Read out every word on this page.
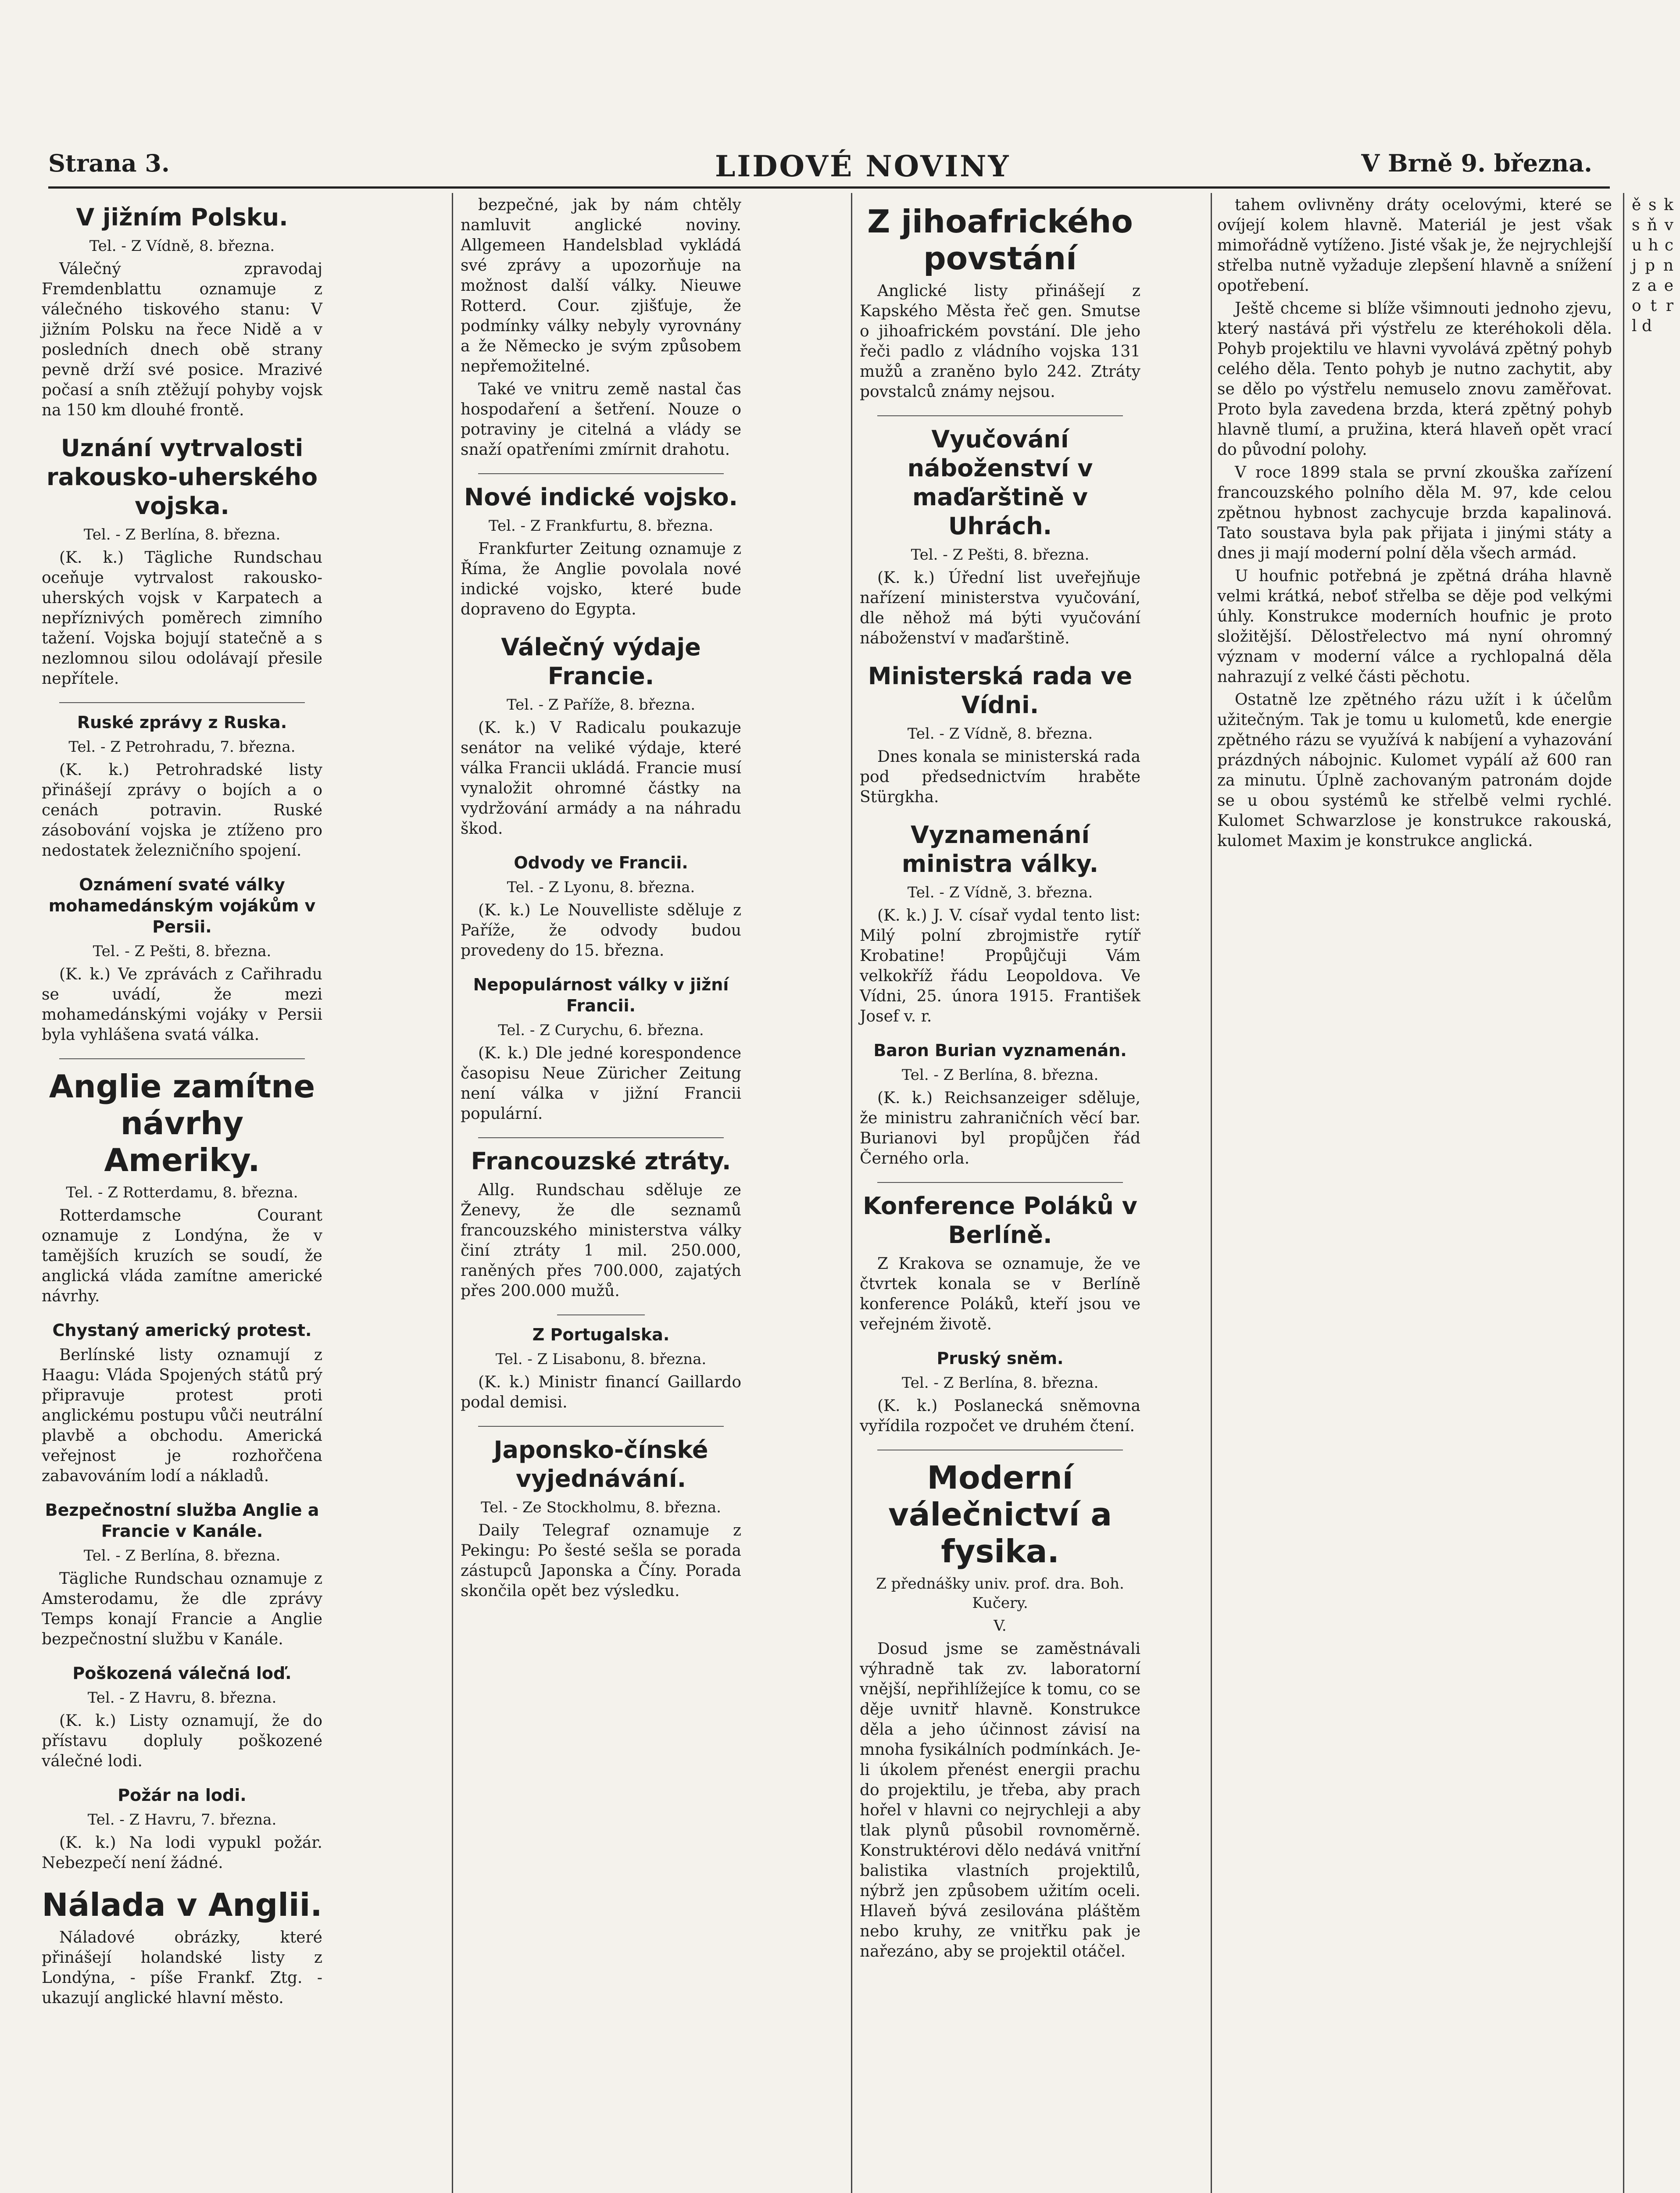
Strana 3.	LIDOVÉ NOVINY	V Brně 9. března.
V jižním Polsku.
Tel. - Z Vídně, 8. března.

Válečný zpravodaj Fremdenblattu oznamuje z válečného tiskového stanu: V jižním Polsku na řece Nidě a v posledních dnech obě strany pevně drží své posice. Mrazivé počasí a sníh ztěžují pohyby vojsk na 150 km dlouhé frontě.

Uznání vytrvalosti rakousko-uherského vojska.
Tel. - Z Berlína, 8. března.

(K. k.) Tägliche Rundschau oceňuje vytrvalost rakousko-uherských vojsk v Karpatech a nepříznivých poměrech zimního tažení. Vojska bojují statečně a s nezlomnou silou odolávají přesile nepřítele.

Ruské zprávy z Ruska.
Tel. - Z Petrohradu, 7. března.

(K. k.) Petrohradské listy přinášejí zprávy o bojích a o cenách potravin. Ruské zásobování vojska je ztíženo pro nedostatek železničního spojení.

Oznámení svaté války mohamedánským vojákům v Persii.
Tel. - Z Pešti, 8. března.

(K. k.) Ve zprávách z Cařihradu se uvádí, že mezi mohamedánskými vojáky v Persii byla vyhlášena svatá válka.

Anglie zamítne návrhy Ameriky.
Tel. - Z Rotterdamu, 8. března.

Rotterdamsche Courant oznamuje z Londýna, že v tamějších kruzích se soudí, že anglická vláda zamítne americké návrhy.

Chystaný americký protest.

Berlínské listy oznamují z Haagu: Vláda Spojených států prý připravuje protest proti anglickému postupu vůči neutrální plavbě a obchodu. Americká veřejnost je rozhořčena zabavováním lodí a nákladů.

Bezpečnostní služba Anglie a Francie v Kanále.
Tel. - Z Berlína, 8. března.

Tägliche Rundschau oznamuje z Amsterodamu, že dle zprávy Temps konají Francie a Anglie bezpečnostní službu v Kanále.

Poškozená válečná loď.
Tel. - Z Havru, 8. března.

(K. k.) Listy oznamují, že do přístavu dopluly poškozené válečné lodi.

Požár na lodi.
Tel. - Z Havru, 7. března.

(K. k.) Na lodi vypukl požár. Nebezpečí není žádné.

Nálada v Anglii.

Náladové obrázky, které přinášejí holandské listy z Londýna, - píše Frankf. Ztg. - ukazují anglické hlavní město.

bezpečné, jak by nám chtěly namluvit anglické noviny. Allgemeen Handelsblad vykládá své zprávy a upozorňuje na možnost další války. Nieuwe Rotterd. Cour. zjišťuje, že podmínky války nebyly vyrovnány a že Německo je svým způsobem nepřemožitelné.

Také ve vnitru země nastal čas hospodaření a šetření. Nouze o potraviny je citelná a vlády se snaží opatřeními zmírnit drahotu.

Nové indické vojsko.
Tel. - Z Frankfurtu, 8. března.

Frankfurter Zeitung oznamuje z Říma, že Anglie povolala nové indické vojsko, které bude dopraveno do Egypta.

Válečný výdaje Francie.
Tel. - Z Paříže, 8. března.

(K. k.) V Radicalu poukazuje senátor na veliké výdaje, které válka Francii ukládá. Francie musí vynaložit ohromné částky na vydržování armády a na náhradu škod.

Odvody ve Francii.
Tel. - Z Lyonu, 8. března.

(K. k.) Le Nouvelliste sděluje z Paříže, že odvody budou provedeny do 15. března.

Nepopulárnost války v jižní Francii.
Tel. - Z Curychu, 6. března.

(K. k.) Dle jedné korespondence časopisu Neue Züricher Zeitung není válka v jižní Francii populární.

Francouzské ztráty.

Allg. Rundschau sděluje ze Ženevy, že dle seznamů francouzského ministerstva války činí ztráty 1 mil. 250.000, raněných přes 700.000, zajatých přes 200.000 mužů.

Z Portugalska.
Tel. - Z Lisabonu, 8. března.

(K. k.) Ministr financí Gaillardo podal demisi.

Japonsko-čínské vyjednávání.
Tel. - Ze Stockholmu, 8. března.

Daily Telegraf oznamuje z Pekingu: Po šesté sešla se porada zástupců Japonska a Číny. Porada skončila opět bez výsledku.

Z jihoafrického povstání

Anglické listy přinášejí z Kapského Města řeč gen. Smutse o jihoafrickém povstání. Dle jeho řeči padlo z vládního vojska 131 mužů a zraněno bylo 242. Ztráty povstalců známy nejsou.

Vyučování náboženství v maďarštině v Uhrách.
Tel. - Z Pešti, 8. března.

(K. k.) Úřední list uveřejňuje nařízení ministerstva vyučování, dle něhož má býti vyučování náboženství v maďarštině.

Ministerská rada ve Vídni.
Tel. - Z Vídně, 8. března.

Dnes konala se ministerská rada pod předsednictvím hraběte Stürgkha.

Vyznamenání ministra války.
Tel. - Z Vídně, 3. března.

(K. k.) J. V. císař vydal tento list: Milý polní zbrojmistře rytíř Krobatine! Propůjčuji Vám velkokříž řádu Leopoldova. Ve Vídni, 25. února 1915. František Josef v. r.

Baron Burian vyznamenán.
Tel. - Z Berlína, 8. března.

(K. k.) Reichsanzeiger sděluje, že ministru zahraničních věcí bar. Burianovi byl propůjčen řád Černého orla.

Konference Poláků v Berlíně.

Z Krakova se oznamuje, že ve čtvrtek konala se v Berlíně konference Poláků, kteří jsou ve veřejném životě.

Pruský sněm.
Tel. - Z Berlína, 8. března.

(K. k.) Poslanecká sněmovna vyřídila rozpočet ve druhém čtení.

Moderní válečnictví a fysika.
Z přednášky univ. prof. dra. Boh. Kučery.
V.

Dosud jsme se zaměstnávali výhradně tak zv. laboratorní vnější, nepřihlížejíce k tomu, co se děje uvnitř hlavně. Konstrukce děla a jeho účinnost závisí na mnoha fysikálních podmínkách. Je-li úkolem přenést energii prachu do projektilu, je třeba, aby prach hořel v hlavni co nejrychleji a aby tlak plynů působil rovnoměrně. Konstruktérovi dělo nedává vnitřní balistika vlastních projektilů, nýbrž jen způsobem užitím oceli. Hlaveň bývá zesilována pláštěm nebo kruhy, ze vnitřku pak je nařezáno, aby se projektil otáčel.

tahem ovlivněny dráty ocelovými, které se ovíjejí kolem hlavně. Materiál je jest však mimořádně vytíženo. Jisté však je, že nejrychlejší střelba nutně vyžaduje zlepšení hlavně a snížení opotřebení.

Ještě chceme si blíže všimnouti jednoho zjevu, který nastává při výstřelu ze kteréhokoli děla. Pohyb projektilu ve hlavni vyvolává zpětný pohyb celého děla. Tento pohyb je nutno zachytit, aby se dělo po výstřelu nemuselo znovu zaměřovat. Proto byla zavedena brzda, která zpětný pohyb hlavně tlumí, a pružina, která hlaveň opět vrací do původní polohy.

V roce 1899 stala se první zkouška zařízení francouzského polního děla M. 97, kde celou zpětnou hybnost zachycuje brzda kapalinová. Tato soustava byla pak přijata i jinými státy a dnes ji mají moderní polní děla všech armád.

U houfnic potřebná je zpětná dráha hlavně velmi krátká, neboť střelba se děje pod velkými úhly. Konstrukce moderních houfnic je proto složitější. Dělostřelectvo má nyní ohromný význam v moderní válce a rychlopalná děla nahrazují z velké části pěchotu.

Ostatně lze zpětného rázu užít i k účelům užitečným. Tak je tomu u kulometů, kde energie zpětného rázu se využívá k nabíjení a vyhazování prázdných nábojnic. Kulomet vypálí až 600 ran za minutu. Úplně zachovaným patronám dojde se u obou systémů ke střelbě velmi rychlé. Kulomet Schwarzlose je konstrukce rakouská, kulomet Maxim je konstrukce anglická.

ě s k s ň v u h c j p n z a e o t r l d
